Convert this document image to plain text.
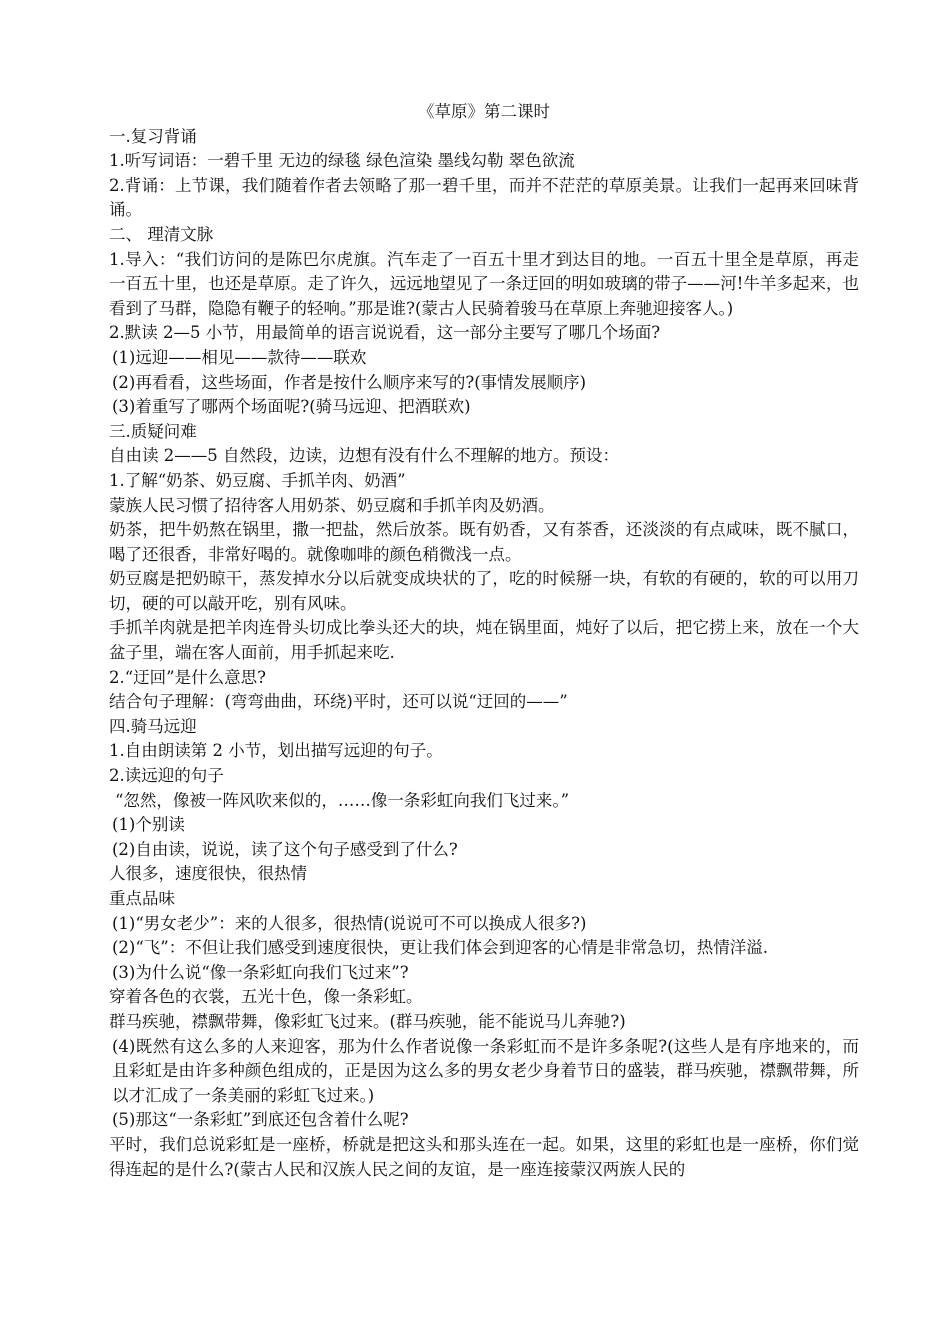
《草原》第二课时
一.复习背诵
1.听写词语：一碧千里 无边的绿毯 绿色渲染 墨线勾勒 翠色欲流
2.背诵：上节课，我们随着作者去领略了那一碧千里，而并不茫茫的草原美景。让我们一起再来回味背诵。
二、 理清文脉
1.导入：“我们访问的是陈巴尔虎旗。汽车走了一百五十里才到达目的地。一百五十里全是草原，再走一百五十里，也还是草原。走了许久，远远地望见了一条迂回的明如玻璃的带子——河!牛羊多起来，也看到了马群，隐隐有鞭子的轻响。”那是谁?(蒙古人民骑着骏马在草原上奔驰迎接客人。)
2.默读 2—5 小节，用最简单的语言说说看，这一部分主要写了哪几个场面?
(1)远迎——相见——款待——联欢
(2)再看看，这些场面，作者是按什么顺序来写的?(事情发展顺序)
(3)着重写了哪两个场面呢?(骑马远迎、把酒联欢)
三.质疑问难
自由读 2——5 自然段，边读，边想有没有什么不理解的地方。预设：
1.了解“奶茶、奶豆腐、手抓羊肉、奶酒”
蒙族人民习惯了招待客人用奶茶、奶豆腐和手抓羊肉及奶酒。
奶茶，把牛奶熬在锅里，撒一把盐，然后放茶。既有奶香，又有茶香，还淡淡的有点咸味，既不腻口，喝了还很香，非常好喝的。就像咖啡的颜色稍微浅一点。
奶豆腐是把奶晾干，蒸发掉水分以后就变成块状的了，吃的时候掰一块，有软的有硬的，软的可以用刀切，硬的可以敲开吃，别有风味。
手抓羊肉就是把羊肉连骨头切成比拳头还大的块，炖在锅里面，炖好了以后，把它捞上来，放在一个大盆子里，端在客人面前，用手抓起来吃.
2.“迂回”是什么意思?
结合句子理解：(弯弯曲曲，环绕)平时，还可以说“迂回的——”
四.骑马远迎
1.自由朗读第 2 小节，划出描写远迎的句子。
2.读远迎的句子
“忽然，像被一阵风吹来似的，……像一条彩虹向我们飞过来。”
(1)个别读
(2)自由读，说说，读了这个句子感受到了什么?
人很多，速度很快，很热情
重点品味
(1)“男女老少”：来的人很多，很热情(说说可不可以换成人很多?)
(2)“飞”：不但让我们感受到速度很快，更让我们体会到迎客的心情是非常急切，热情洋溢.
(3)为什么说“像一条彩虹向我们飞过来”?
穿着各色的衣裳，五光十色，像一条彩虹。
群马疾驰，襟飘带舞，像彩虹飞过来。(群马疾驰，能不能说马儿奔驰?)
(4)既然有这么多的人来迎客，那为什么作者说像一条彩虹而不是许多条呢?(这些人是有序地来的，而且彩虹是由许多种颜色组成的，正是因为这么多的男女老少身着节日的盛装，群马疾驰，襟飘带舞，所以才汇成了一条美丽的彩虹飞过来。)
(5)那这“一条彩虹”到底还包含着什么呢?
平时，我们总说彩虹是一座桥，桥就是把这头和那头连在一起。如果，这里的彩虹也是一座桥，你们觉得连起的是什么?(蒙古人民和汉族人民之间的友谊，是一座连接蒙汉两族人民的
